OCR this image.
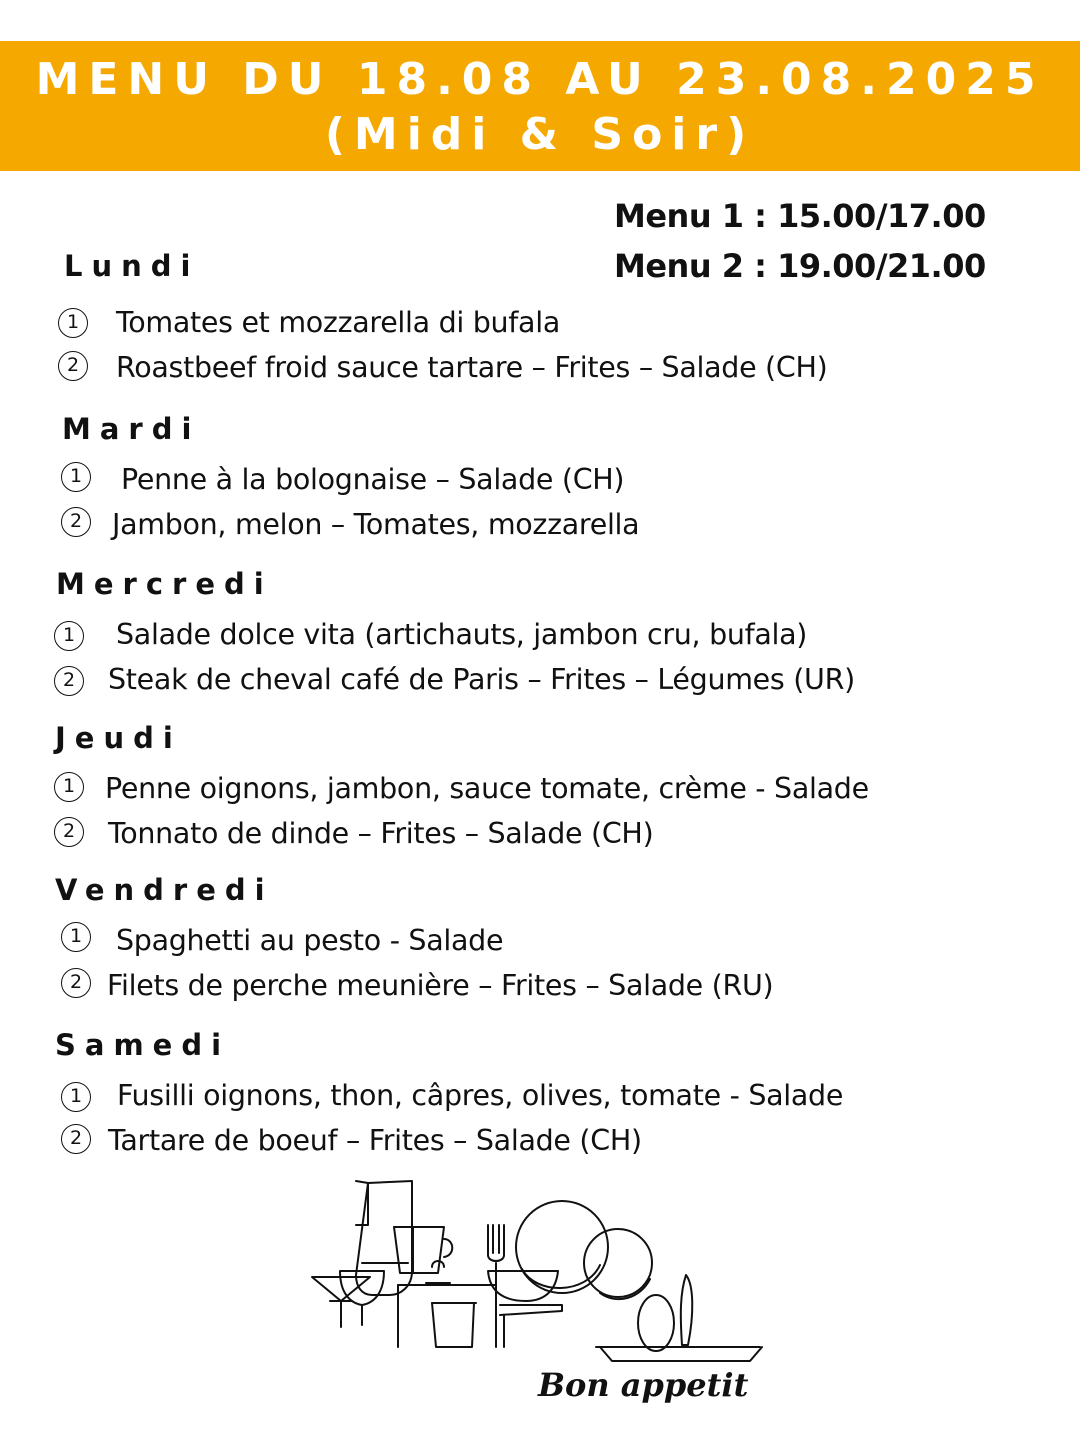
MENU DU 18.08 AU 23.08.2025
(Midi & Soir)
Menu 1 : 15.00/17.00
Menu 2 : 19.00/21.00
Lundi
1	Tomates et mozzarella di bufala
2	Roastbeef froid sauce tartare – Frites – Salade (CH)
Mardi
1	Penne à la bolognaise – Salade (CH)
2	Jambon, melon – Tomates, mozzarella
Mercredi
1	Salade dolce vita (artichauts, jambon cru, bufala)
2	Steak de cheval café de Paris – Frites – Légumes (UR)
Jeudi
1	Penne oignons, jambon, sauce tomate, crème - Salade
2	Tonnato de dinde – Frites – Salade (CH)
Vendredi
1	Spaghetti au pesto - Salade
2 Filets de perche meunière – Frites – Salade (RU)
Samedi
1	Fusilli oignons, thon, câpres, olives, tomate - Salade
2 Tartare de boeuf – Frites – Salade (CH)
Bon appetit
